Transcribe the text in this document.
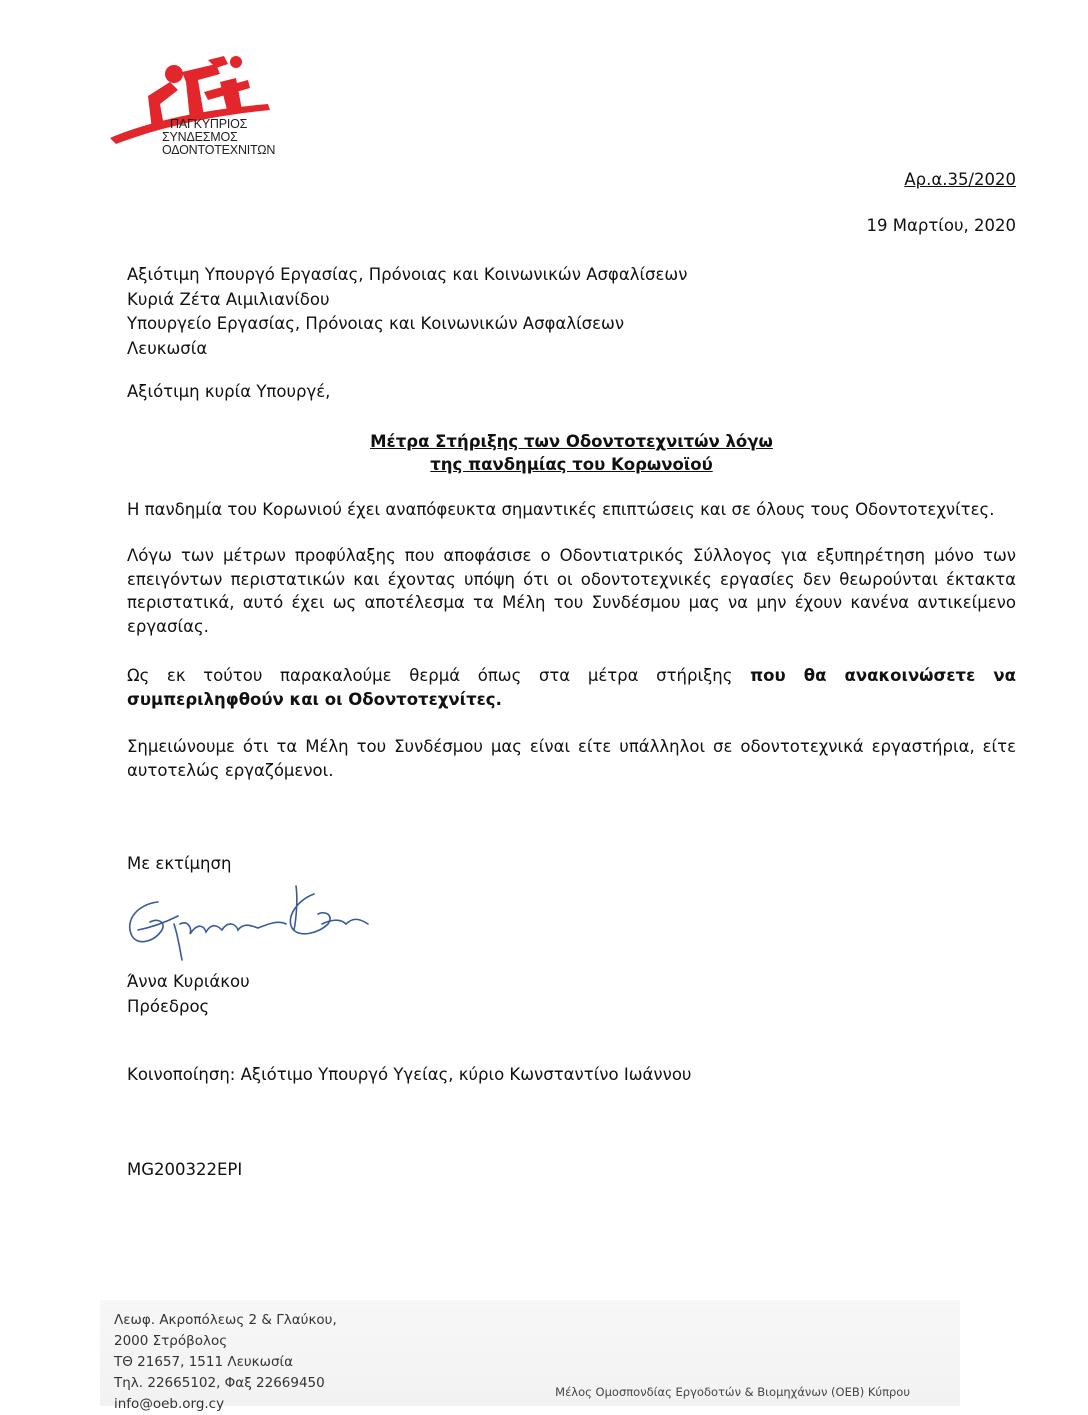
ΠΑΓΚΥΠΡΙΟΣ
ΣΥΝΔΕΣΜΟΣ
ΟΔΟΝΤΟΤΕΧΝΙΤΩΝ
Αρ.α.35/2020
19 Μαρτίου, 2020
Αξιότιμη Υπουργό Εργασίας, Πρόνοιας και Κοινωνικών Ασφαλίσεων
Κυριά Ζέτα Αιμιλιανίδου
Υπουργείο Εργασίας, Πρόνοιας και Κοινωνικών Ασφαλίσεων
Λευκωσία
Αξιότιμη κυρία Υπουργέ,
Μέτρα Στήριξης των Οδοντοτεχνιτών λόγω
της πανδημίας του Κορωνοϊού
Η πανδημία του Κορωνιού έχει αναπόφευκτα σημαντικές επιπτώσεις και σε όλους τους Οδοντοτεχνίτες.
Λόγω των μέτρων προφύλαξης που αποφάσισε ο Οδοντιατρικός Σύλλογος για εξυπηρέτηση μόνο των επειγόντων περιστατικών και έχοντας υπόψη ότι οι οδοντοτεχνικές εργασίες δεν θεωρούνται έκτακτα περιστατικά, αυτό έχει ως αποτέλεσμα τα Μέλη του Συνδέσμου μας να μην έχουν κανένα αντικείμενο εργασίας.
Ως εκ τούτου παρακαλούμε θερμά όπως στα μέτρα στήριξης που θα ανακοινώσετε να συμπεριληφθούν και οι Οδοντοτεχνίτες.
Σημειώνουμε ότι τα Μέλη του Συνδέσμου μας είναι είτε υπάλληλοι σε οδοντοτεχνικά εργαστήρια, είτε αυτοτελώς εργαζόμενοι.
Με εκτίμηση
Άννα Κυριάκου
Πρόεδρος
Κοινοποίηση: Αξιότιμο Υπουργό Υγείας, κύριο Κωνσταντίνο Ιωάννου
MG200322EPI
Λεωφ. Ακροπόλεως 2 & Γλαύκου,
2000 Στρόβολος
ΤΘ 21657, 1511 Λευκωσία
Τηλ. 22665102, Φαξ 22669450
info@oeb.org.cy
Μέλος Ομοσπονδίας Εργοδοτών & Βιομηχάνων (ΟΕΒ) Κύπρου
